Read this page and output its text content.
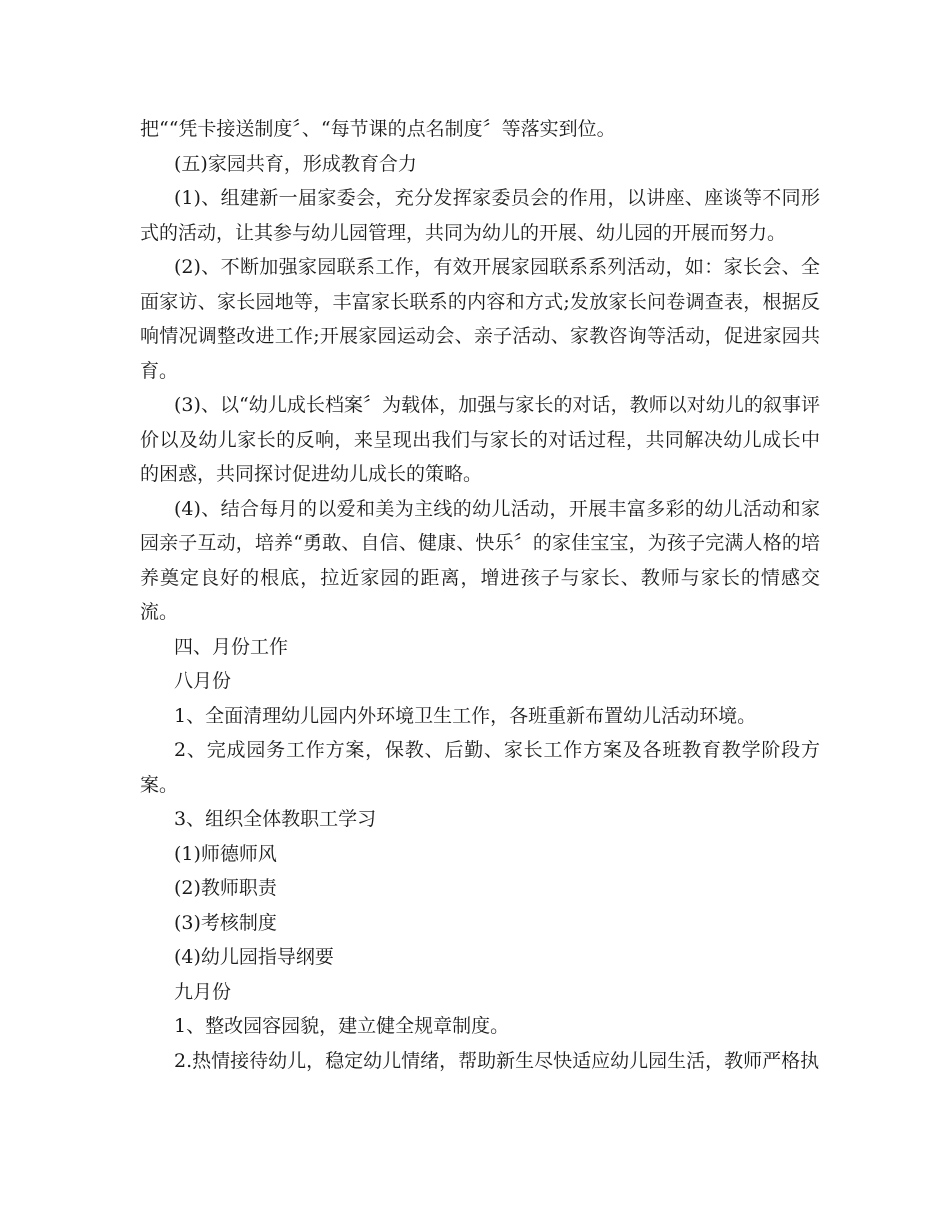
把““凭卡接送制度〞、“每节课的点名制度〞等落实到位。

(五)家园共育，形成教育合力

(1)、组建新一届家委会，充分发挥家委员会的作用，以讲座、座谈等不同形式的活动，让其参与幼儿园管理，共同为幼儿的开展、幼儿园的开展而努力。

(2)、不断加强家园联系工作，有效开展家园联系系列活动，如：家长会、全面家访、家长园地等，丰富家长联系的内容和方式;发放家长问卷调查表，根据反响情况调整改进工作;开展家园运动会、亲子活动、家教咨询等活动，促进家园共育。

(3)、以“幼儿成长档案〞为载体，加强与家长的对话，教师以对幼儿的叙事评价以及幼儿家长的反响，来呈现出我们与家长的对话过程，共同解决幼儿成长中的困惑，共同探讨促进幼儿成长的策略。

(4)、结合每月的以爱和美为主线的幼儿活动，开展丰富多彩的幼儿活动和家园亲子互动，培养“勇敢、自信、健康、快乐〞的家佳宝宝，为孩子完满人格的培养奠定良好的根底，拉近家园的距离，增进孩子与家长、教师与家长的情感交流。

四、月份工作

八月份

1、全面清理幼儿园内外环境卫生工作，各班重新布置幼儿活动环境。

2、完成园务工作方案，保教、后勤、家长工作方案及各班教育教学阶段方案。

3、组织全体教职工学习

(1)师德师风

(2)教师职责

(3)考核制度

(4)幼儿园指导纲要

九月份

1、整改园容园貌，建立健全规章制度。

2.热情接待幼儿，稳定幼儿情绪，帮助新生尽快适应幼儿园生活，教师严格执
